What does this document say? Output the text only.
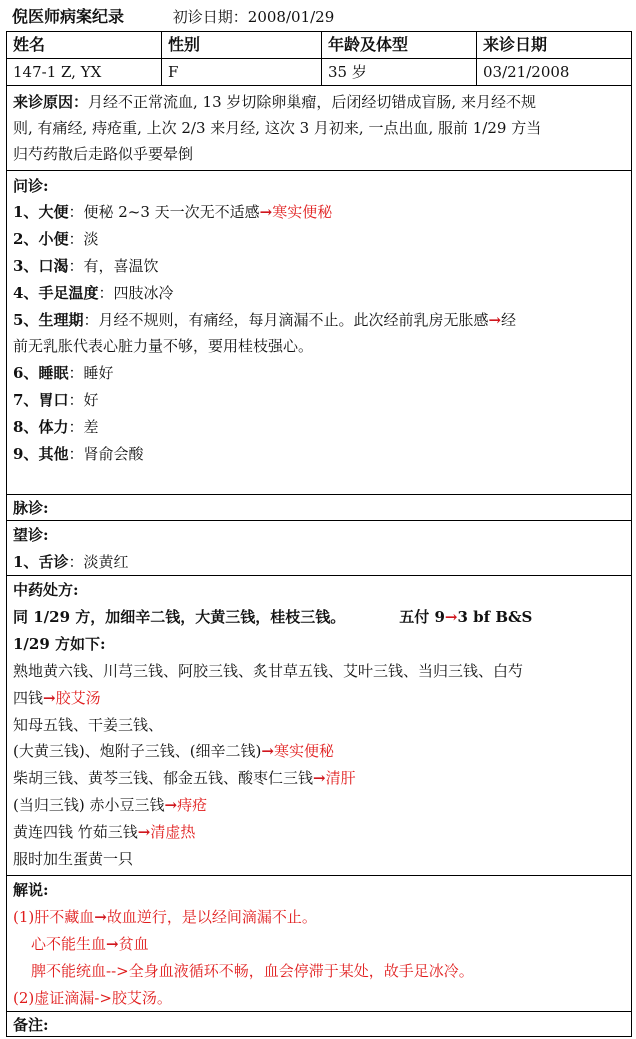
倪医师病案纪录	初诊日期：2008/01/29
姓名	性别	年龄及体型	来诊日期
147-1 Z, YX	F	35 岁	03/21/2008
来诊原因：月经不正常流血, 13 岁切除卵巢瘤，后闭经切错成盲肠, 来月经不规
则, 有痛经, 痔疮重, 上次 2/3 来月经, 这次 3 月初来, 一点出血, 服前 1/29 方当
归芍药散后走路似乎要晕倒
问诊:
1、大便：便秘 2~3 天一次无不适感→寒实便秘
2、小便：淡
3、口渴：有，喜温饮
4、手足温度：四肢冰冷
5、生理期：月经不规则，有痛经，每月滴漏不止。此次经前乳房无胀感→经
前无乳胀代表心脏力量不够，要用桂枝强心。
6、睡眠：睡好
7、胃口：好
8、体力：差
9、其他：肾俞会酸
脉诊:
望诊:
1、舌诊：淡黄红
中药处方:
同 1/29 方，加细辛二钱，大黄三钱，桂枝三钱。	五付 9→3 bf B&S
1/29 方如下:
熟地黄六钱、川芎三钱、阿胶三钱、炙甘草五钱、艾叶三钱、当归三钱、白芍
四钱→胶艾汤
知母五钱、干姜三钱、
(大黄三钱)、炮附子三钱、(细辛二钱)→寒实便秘
柴胡三钱、黄芩三钱、郁金五钱、酸枣仁三钱→清肝
(当归三钱) 赤小豆三钱→痔疮
黄连四钱 竹茹三钱→清虚热
服时加生蛋黄一只
解说:
(1)肝不藏血→故血逆行，是以经间滴漏不止。
心不能生血→贫血
脾不能统血-->全身血液循环不畅，血会停滞于某处，故手足冰冷。
(2)虚证滴漏->胶艾汤。
备注:
